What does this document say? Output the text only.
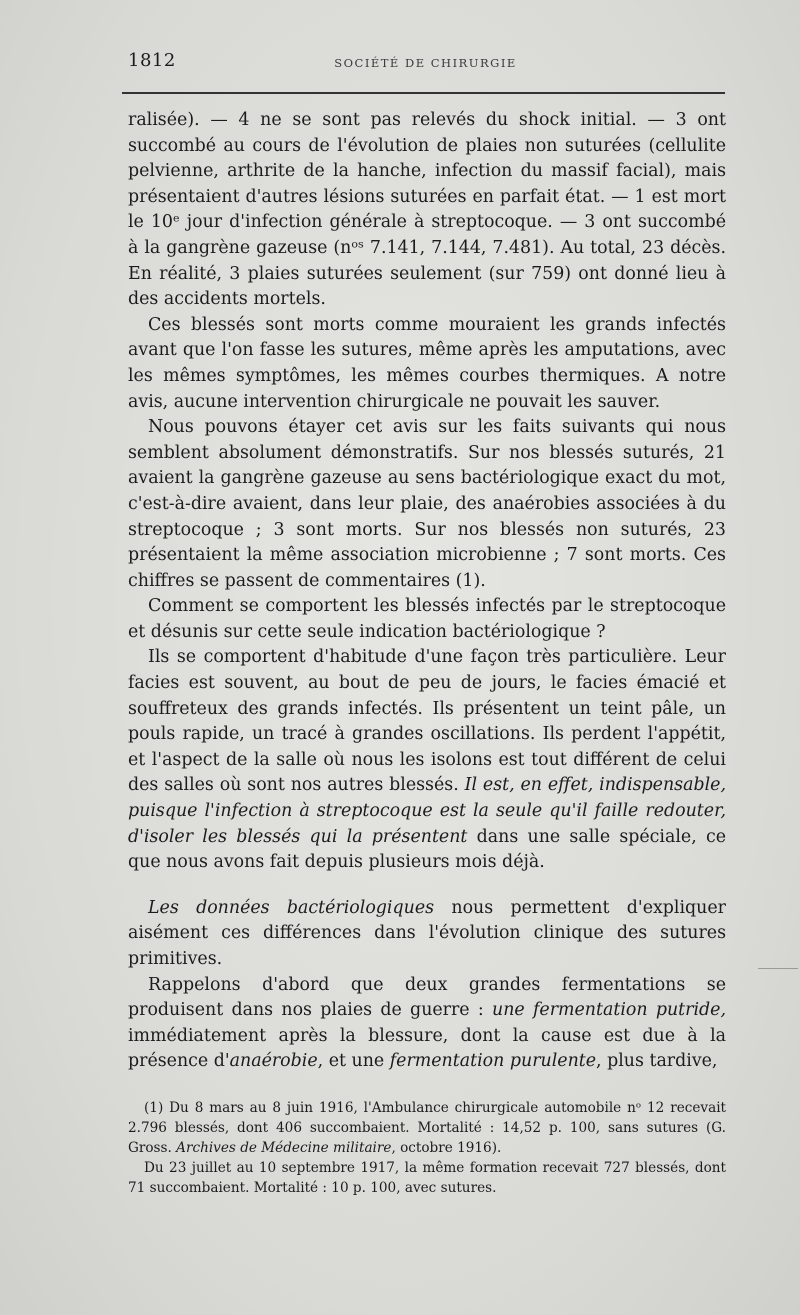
1812	SOCIÉTÉ DE CHIRURGIE

ralisée). — 4 ne se sont pas relevés du shock initial. — 3 ont succombé au cours de l'évolution de plaies non suturées (cellulite pelvienne, arthrite de la hanche, infection du massif facial), mais présentaient d'autres lésions suturées en parfait état. — 1 est mort le 10ᵉ jour d'infection générale à streptocoque. — 3 ont succombé à la gangrène gazeuse (nᵒˢ 7.141, 7.144, 7.481). Au total, 23 décès. En réalité, 3 plaies suturées seulement (sur 759) ont donné lieu à des accidents mortels.

Ces blessés sont morts comme mouraient les grands infectés avant que l'on fasse les sutures, même après les amputations, avec les mêmes symptômes, les mêmes courbes thermiques. A notre avis, aucune intervention chirurgicale ne pouvait les sauver.

Nous pouvons étayer cet avis sur les faits suivants qui nous semblent absolument démonstratifs. Sur nos blessés suturés, 21 avaient la gangrène gazeuse au sens bactériologique exact du mot, c'est-à-dire avaient, dans leur plaie, des anaérobies associées à du streptocoque ; 3 sont morts. Sur nos blessés non suturés, 23 présentaient la même association microbienne ; 7 sont morts. Ces chiffres se passent de commentaires (1).

Comment se comportent les blessés infectés par le streptocoque et désunis sur cette seule indication bactériologique ?

Ils se comportent d'habitude d'une façon très particulière. Leur facies est souvent, au bout de peu de jours, le facies émacié et souffreteux des grands infectés. Ils présentent un teint pâle, un pouls rapide, un tracé à grandes oscillations. Ils perdent l'appétit, et l'aspect de la salle où nous les isolons est tout différent de celui des salles où sont nos autres blessés. Il est, en effet, indispensable, puisque l'infection à streptocoque est la seule qu'il faille redouter, d'isoler les blessés qui la présentent dans une salle spéciale, ce que nous avons fait depuis plusieurs mois déjà.

Les données bactériologiques nous permettent d'expliquer aisément ces différences dans l'évolution clinique des sutures primitives.

Rappelons d'abord que deux grandes fermentations se produisent dans nos plaies de guerre : une fermentation putride, immédiatement après la blessure, dont la cause est due à la présence d'anaérobie, et une fermentation purulente, plus tardive,

(1) Du 8 mars au 8 juin 1916, l'Ambulance chirurgicale automobile nᵒ 12 recevait 2.796 blessés, dont 406 succombaient. Mortalité : 14,52 p. 100, sans sutures (G. Gross. Archives de Médecine militaire, octobre 1916).

Du 23 juillet au 10 septembre 1917, la même formation recevait 727 blessés, dont 71 succombaient. Mortalité : 10 p. 100, avec sutures.
